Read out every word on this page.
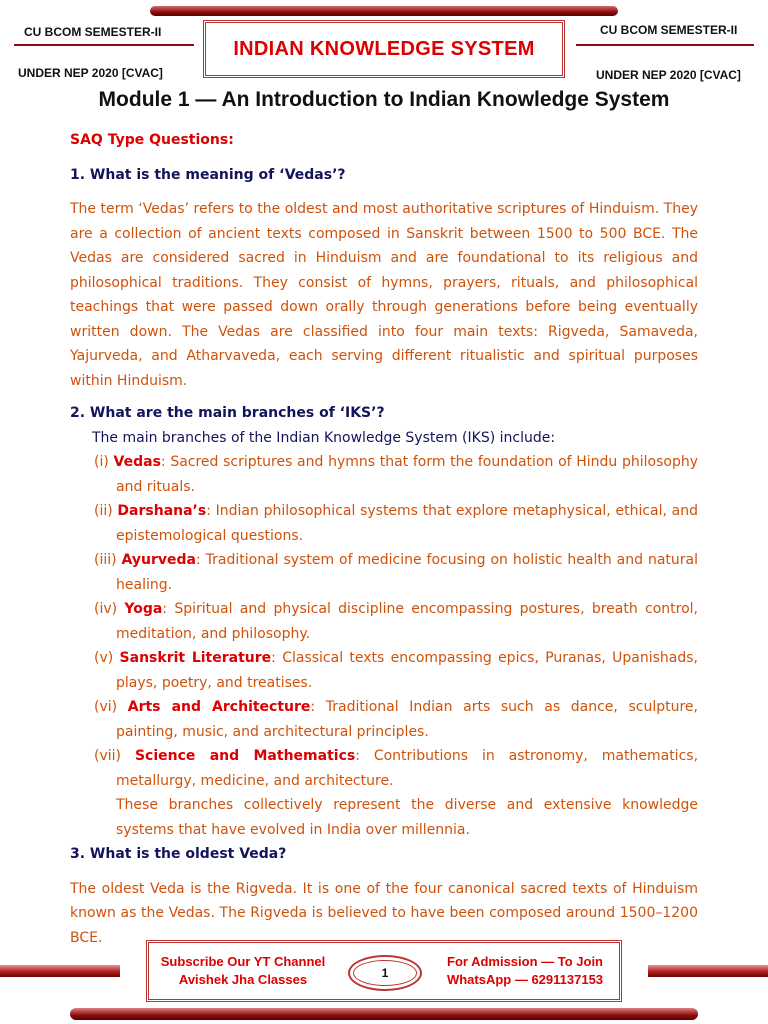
CU BCOM SEMESTER-II
UNDER NEP 2020 [CVAC]
INDIAN KNOWLEDGE SYSTEM
CU BCOM SEMESTER-II
UNDER NEP 2020 [CVAC]
Module 1 — An Introduction to Indian Knowledge System

SAQ Type Questions:

1. What is the meaning of ‘Vedas’?

The term ‘Vedas’ refers to the oldest and most authoritative scriptures of Hinduism. They are a collection of ancient texts composed in Sanskrit between 1500 to 500 BCE. The Vedas are considered sacred in Hinduism and are foundational to its religious and philosophical traditions. They consist of hymns, prayers, rituals, and philosophical teachings that were passed down orally through generations before being eventually written down. The Vedas are classified into four main texts: Rigveda, Samaveda, Yajurveda, and Atharvaveda, each serving different ritualistic and spiritual purposes within Hinduism.

2. What are the main branches of ‘IKS’?

The main branches of the Indian Knowledge System (IKS) include:

(i) Vedas: Sacred scriptures and hymns that form the foundation of Hindu philosophy and rituals.

(ii) Darshana’s: Indian philosophical systems that explore metaphysical, ethical, and epistemological questions.

(iii) Ayurveda: Traditional system of medicine focusing on holistic health and natural healing.

(iv) Yoga: Spiritual and physical discipline encompassing postures, breath control, meditation, and philosophy.

(v) Sanskrit Literature: Classical texts encompassing epics, Puranas, Upanishads, plays, poetry, and treatises.

(vi) Arts and Architecture: Traditional Indian arts such as dance, sculpture, painting, music, and architectural principles.

(vii) Science and Mathematics: Contributions in astronomy, mathematics, metallurgy, medicine, and architecture.

These branches collectively represent the diverse and extensive knowledge systems that have evolved in India over millennia.

3. What is the oldest Veda?

The oldest Veda is the Rigveda. It is one of the four canonical sacred texts of Hinduism known as the Vedas. The Rigveda is believed to have been composed around 1500–1200 BCE.

Subscribe Our YT Channel
Avishek Jha Classes
For Admission — To Join
WhatsApp — 6291137153
1
